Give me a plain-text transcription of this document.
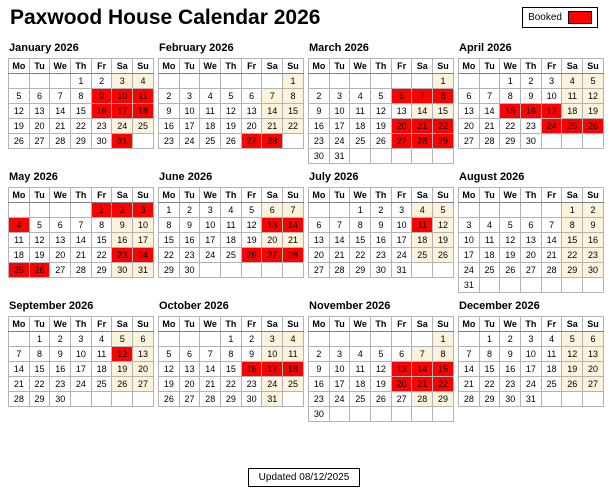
Paxwood House Calendar 2026	Booked
January 2026
Mo	Tu	We	Th	Fr	Sa	Su
			1	2	3	4
5	6	7	8	9	10	11
12	13	14	15	16	17	18
19	20	21	22	23	24	25
26	27	28	29	30	31	
February 2026
Mo	Tu	We	Th	Fr	Sa	Su
						1
2	3	4	5	6	7	8
9	10	11	12	13	14	15
16	17	18	19	20	21	22
23	24	25	26	27	28	
March 2026
Mo	Tu	We	Th	Fr	Sa	Su
						1
2	3	4	5	6	7	8
9	10	11	12	13	14	15
16	17	18	19	20	21	22
23	24	25	26	27	28	29
30	31					
April 2026
Mo	Tu	We	Th	Fr	Sa	Su
		1	2	3	4	5
6	7	8	9	10	11	12
13	14	15	16	17	18	19
20	21	22	23	24	25	26
27	28	29	30			
May 2026
Mo	Tu	We	Th	Fr	Sa	Su
				1	2	3
4	5	6	7	8	9	10
11	12	13	14	15	16	17
18	19	20	21	22	23	24
25	26	27	28	29	30	31
June 2026
Mo	Tu	We	Th	Fr	Sa	Su
1	2	3	4	5	6	7
8	9	10	11	12	13	14
15	16	17	18	19	20	21
22	23	24	25	26	27	28
29	30					
July 2026
Mo	Tu	We	Th	Fr	Sa	Su
		1	2	3	4	5
6	7	8	9	10	11	12
13	14	15	16	17	18	19
20	21	22	23	24	25	26
27	28	29	30	31		
August 2026
Mo	Tu	We	Th	Fr	Sa	Su
					1	2
3	4	5	6	7	8	9
10	11	12	13	14	15	16
17	18	19	20	21	22	23
24	25	26	27	28	29	30
31						
September 2026
Mo	Tu	We	Th	Fr	Sa	Su
	1	2	3	4	5	6
7	8	9	10	11	12	13
14	15	16	17	18	19	20
21	22	23	24	25	26	27
28	29	30				
October 2026
Mo	Tu	We	Th	Fr	Sa	Su
			1	2	3	4
5	6	7	8	9	10	11
12	13	14	15	16	17	18
19	20	21	22	23	24	25
26	27	28	29	30	31	
November 2026
Mo	Tu	We	Th	Fr	Sa	Su
						1
2	3	4	5	6	7	8
9	10	11	12	13	14	15
16	17	18	19	20	21	22
23	24	25	26	27	28	29
30						
December 2026
Mo	Tu	We	Th	Fr	Sa	Su
	1	2	3	4	5	6
7	8	9	10	11	12	13
14	15	16	17	18	19	20
21	22	23	24	25	26	27
28	29	30	31			
Updated 08/12/2025
